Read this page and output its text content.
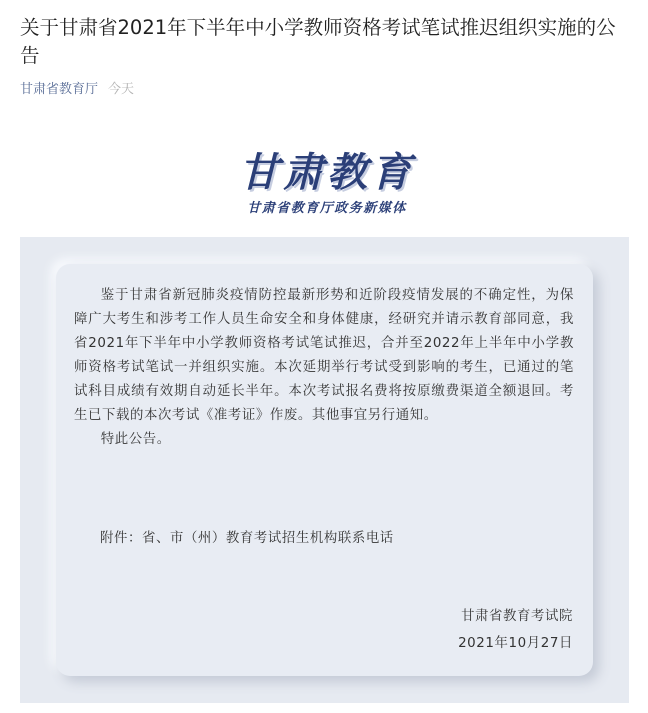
关于甘肃省2021年下半年中小学教师资格考试笔试推迟组织实施的公告
甘肃省教育厅 今天
甘肃教育
甘肃省教育厅政务新媒体

鉴于甘肃省新冠肺炎疫情防控最新形势和近阶段疫情发展的不确定性，为保障广大考生和涉考工作人员生命安全和身体健康，经研究并请示教育部同意，我省2021年下半年中小学教师资格考试笔试推迟，合并至2022年上半年中小学教师资格考试笔试一并组织实施。本次延期举行考试受到影响的考生，已通过的笔试科目成绩有效期自动延长半年。本次考试报名费将按原缴费渠道全额退回。考生已下载的本次考试《准考证》作废。其他事宜另行通知。

特此公告。

附件：省、市（州）教育考试招生机构联系电话
甘肃省教育考试院
2021年10月27日
